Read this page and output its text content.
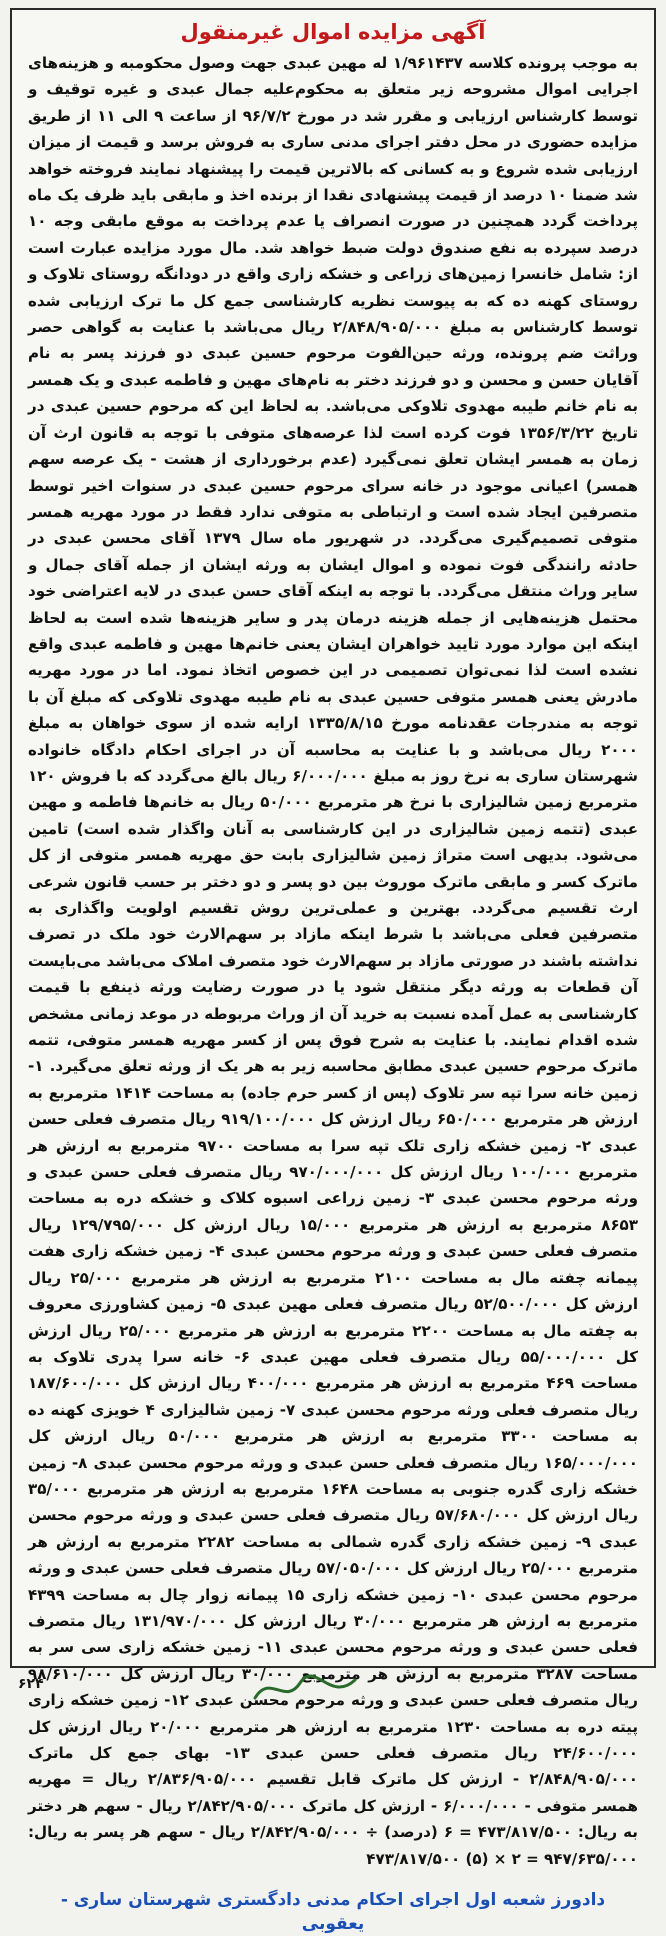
آگهی مزایده اموال غیرمنقول

به موجب پرونده کلاسه ۱/۹۶۱۴۳۷ له مهین عبدی جهت وصول محکومبه و هزینه‌های اجرایی اموال مشروحه زیر متعلق به محکوم‌علیه جمال عبدی و غیره توقیف و توسط کارشناس ارزیابی و مقرر شد در مورخ ۹۶/۷/۲ از ساعت ۹ الی ۱۱ از طریق مزایده حضوری در محل دفتر اجرای مدنی ساری به فروش برسد و قیمت از میزان ارزیابی شده شروع و به کسانی که بالاترین قیمت را پیشنهاد نمایند فروخته خواهد شد ضمنا ۱۰ درصد از قیمت پیشنهادی نقدا از برنده اخذ و مابقی باید ظرف یک ماه پرداخت گردد همچنین در صورت انصراف یا عدم پرداخت به موقع مابقی وجه ۱۰ درصد سپرده به نفع صندوق دولت ضبط خواهد شد. مال مورد مزایده عبارت است از: شامل خانسرا زمین‌های زراعی و خشکه زاری واقع در دودانگه روستای تلاوک و روستای کهنه ده که به پیوست نظریه کارشناسی جمع کل ما ترک ارزیابی شده توسط کارشناس به مبلغ ۲/۸۴۸/۹۰۵/۰۰۰ ریال می‌باشد با عنایت به گواهی حصر وراثت ضم پرونده، ورثه حین‌الفوت مرحوم حسین عبدی دو فرزند پسر به نام آقایان حسن و محسن و دو فرزند دختر به نام‌های مهین و فاطمه عبدی و یک همسر به نام خانم طیبه مهدوی تلاوکی می‌باشد. به لحاظ این که مرحوم حسین عبدی در تاریخ ۱۳۵۶/۳/۲۲ فوت کرده است لذا عرصه‌های متوفی با توجه به قانون ارث آن زمان به همسر ایشان تعلق نمی‌گیرد (عدم برخورداری از هشت - یک عرصه سهم همسر) اعیانی موجود در خانه سرای مرحوم حسین عبدی در سنوات اخیر توسط متصرفین ایجاد شده است و ارتباطی به متوفی ندارد فقط در مورد مهریه همسر متوفی تصمیم‌گیری می‌گردد. در شهریور ماه سال ۱۳۷۹ آقای محسن عبدی در حادثه رانندگی فوت نموده و اموال ایشان به ورثه ایشان از جمله آقای جمال و سایر وراث منتقل می‌گردد. با توجه به اینکه آقای حسن عبدی در لایه اعتراضی خود محتمل هزینه‌هایی از جمله هزینه درمان پدر و سایر هزینه‌ها شده است به لحاظ اینکه این موارد مورد تایید خواهران ایشان یعنی خانم‌ها مهین و فاطمه عبدی واقع نشده است لذا نمی‌توان تصمیمی در این خصوص اتخاذ نمود. اما در مورد مهریه مادرش یعنی همسر متوفی حسین عبدی به نام طیبه مهدوی تلاوکی که مبلغ آن با توجه به مندرجات عقدنامه مورخ ۱۳۳۵/۸/۱۵ ارایه شده از سوی خواهان به مبلغ ۲۰۰۰ ریال می‌باشد و با عنایت به محاسبه آن در اجرای احکام دادگاه خانواده شهرستان ساری به نرخ روز به مبلغ ۶/۰۰۰/۰۰۰ ریال بالغ می‌گردد که با فروش ۱۲۰ مترمربع زمین شالیزاری با نرخ هر مترمربع ۵۰/۰۰۰ ریال به خانم‌ها فاطمه و مهین عبدی (تتمه زمین شالیزاری در این کارشناسی به آنان واگذار شده است) تامین می‌شود. بدیهی است متراژ زمین شالیزاری بابت حق مهریه همسر متوفی از کل ماترک کسر و مابقی ماترک موروث بین دو پسر و دو دختر بر حسب قانون شرعی ارث تقسیم می‌گردد. بهترین و عملی‌ترین روش تقسیم اولویت واگذاری به متصرفین فعلی می‌باشد با شرط اینکه مازاد بر سهم‌الارث خود ملک در تصرف نداشته باشند در صورتی مازاد بر سهم‌الارث خود متصرف املاک می‌باشد می‌بایست آن قطعات به ورثه دیگر منتقل شود یا در صورت رضایت ورثه ذینفع با قیمت کارشناسی به عمل آمده نسبت به خرید آن از وراث مربوطه در موعد زمانی مشخص شده اقدام نمایند. با عنایت به شرح فوق پس از کسر مهریه همسر متوفی، تتمه ماترک مرحوم حسین عبدی مطابق محاسبه زیر به هر یک از ورثه تعلق می‌گیرد. ۱- زمین خانه سرا تپه سر تلاوک (پس از کسر حرم جاده) به مساحت ۱۴۱۴ مترمربع به ارزش هر مترمربع ۶۵۰/۰۰۰ ریال ارزش کل ۹۱۹/۱۰۰/۰۰۰ ریال متصرف فعلی حسن عبدی ۲- زمین خشکه زاری تلک تپه سرا به مساحت ۹۷۰۰ مترمربع به ارزش هر مترمربع ۱۰۰/۰۰۰ ریال ارزش کل ۹۷۰/۰۰۰/۰۰۰ ریال متصرف فعلی حسن عبدی و ورثه مرحوم محسن عبدی ۳- زمین زراعی اسبوه کلاک و خشکه دره به مساحت ۸۶۵۳ مترمربع به ارزش هر مترمربع ۱۵/۰۰۰ ریال ارزش کل ۱۲۹/۷۹۵/۰۰۰ ریال متصرف فعلی حسن عبدی و ورثه مرحوم محسن عبدی ۴- زمین خشکه زاری هفت پیمانه چفته مال به مساحت ۲۱۰۰ مترمربع به ارزش هر مترمربع ۲۵/۰۰۰ ریال ارزش کل ۵۲/۵۰۰/۰۰۰ ریال متصرف فعلی مهین عبدی ۵- زمین کشاورزی معروف به چفته مال به مساحت ۲۲۰۰ مترمربع به ارزش هر مترمربع ۲۵/۰۰۰ ریال ارزش کل ۵۵/۰۰۰/۰۰۰ ریال متصرف فعلی مهین عبدی ۶- خانه سرا پدری تلاوک به مساحت ۴۶۹ مترمربع به ارزش هر مترمربع ۴۰۰/۰۰۰ ریال ارزش کل ۱۸۷/۶۰۰/۰۰۰ ریال متصرف فعلی ورثه مرحوم محسن عبدی ۷- زمین شالیزاری ۴ خویزی کهنه ده به مساحت ۳۳۰۰ مترمربع به ارزش هر مترمربع ۵۰/۰۰۰ ریال ارزش کل ۱۶۵/۰۰۰/۰۰۰ ریال متصرف فعلی حسن عبدی و ورثه مرحوم محسن عبدی ۸- زمین خشکه زاری گدره جنوبی به مساحت ۱۶۴۸ مترمربع به ارزش هر مترمربع ۳۵/۰۰۰ ریال ارزش کل ۵۷/۶۸۰/۰۰۰ ریال متصرف فعلی حسن عبدی و ورثه مرحوم محسن عبدی ۹- زمین خشکه زاری گدره شمالی به مساحت ۲۲۸۲ مترمربع به ارزش هر مترمربع ۲۵/۰۰۰ ریال ارزش کل ۵۷/۰۵۰/۰۰۰ ریال متصرف فعلی حسن عبدی و ورثه مرحوم محسن عبدی ۱۰- زمین خشکه زاری ۱۵ پیمانه زوار چال به مساحت ۴۳۹۹ مترمربع به ارزش هر مترمربع ۳۰/۰۰۰ ریال ارزش کل ۱۳۱/۹۷۰/۰۰۰ ریال متصرف فعلی حسن عبدی و ورثه مرحوم محسن عبدی ۱۱- زمین خشکه زاری سی سر به مساحت ۳۲۸۷ مترمربع به ارزش هر مترمربع ۳۰/۰۰۰ ریال ارزش کل ۹۸/۶۱۰/۰۰۰ ریال متصرف فعلی حسن عبدی و ورثه مرحوم محسن عبدی ۱۲- زمین خشکه زاری پیته دره به مساحت ۱۲۳۰ مترمربع به ارزش هر مترمربع ۲۰/۰۰۰ ریال ارزش کل ۲۴/۶۰۰/۰۰۰ ریال متصرف فعلی حسن عبدی ۱۳- بهای جمع کل ماترک ۲/۸۴۸/۹۰۵/۰۰۰ - ارزش کل ماترک قابل تقسیم ۲/۸۳۶/۹۰۵/۰۰۰ ریال = مهریه همسر متوفی - ۶/۰۰۰/۰۰۰ - ارزش کل ماترک ۲/۸۴۲/۹۰۵/۰۰۰ ریال - سهم هر دختر به ریال: ۴۷۳/۸۱۷/۵۰۰ = ۶ (درصد) ÷ ۲/۸۴۲/۹۰۵/۰۰۰ ریال - سهم هر پسر به ریال: ۹۴۷/۶۳۵/۰۰۰ = ۲ × (۵) ۴۷۳/۸۱۷/۵۰۰

دادورز شعبه اول اجرای احکام مدنی دادگستری شهرستان ساری - یعقوبی
۶۲۴
